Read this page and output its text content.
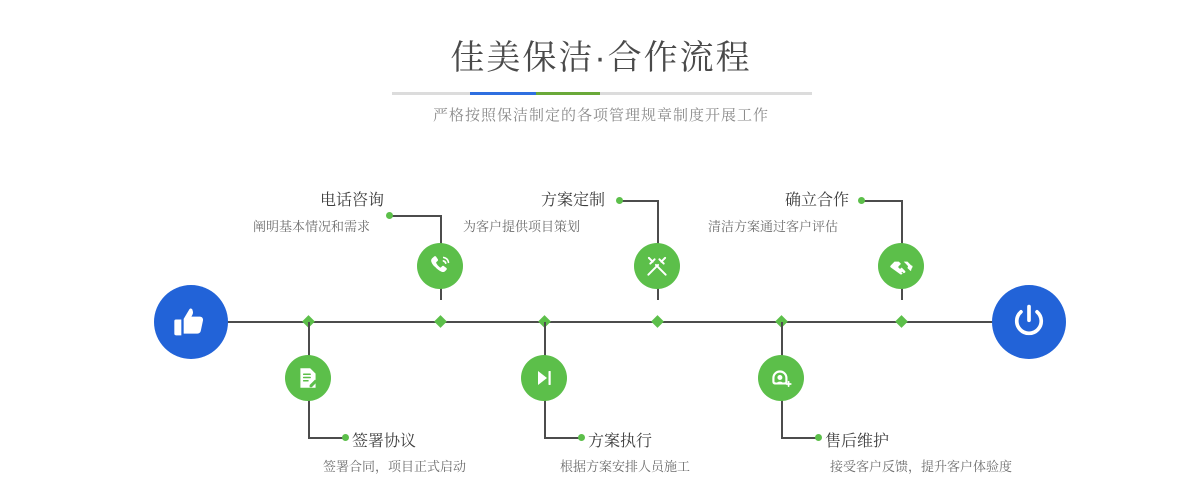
佳美保洁·合作流程
严格按照保洁制定的各项管理规章制度开展工作
电话咨询
阐明基本情况和需求
方案定制
为客户提供项目策划
确立合作
清洁方案通过客户评估
签署协议
签署合同，项目正式启动
方案执行
根据方案安排人员施工
售后维护
接受客户反馈，提升客户体验度
